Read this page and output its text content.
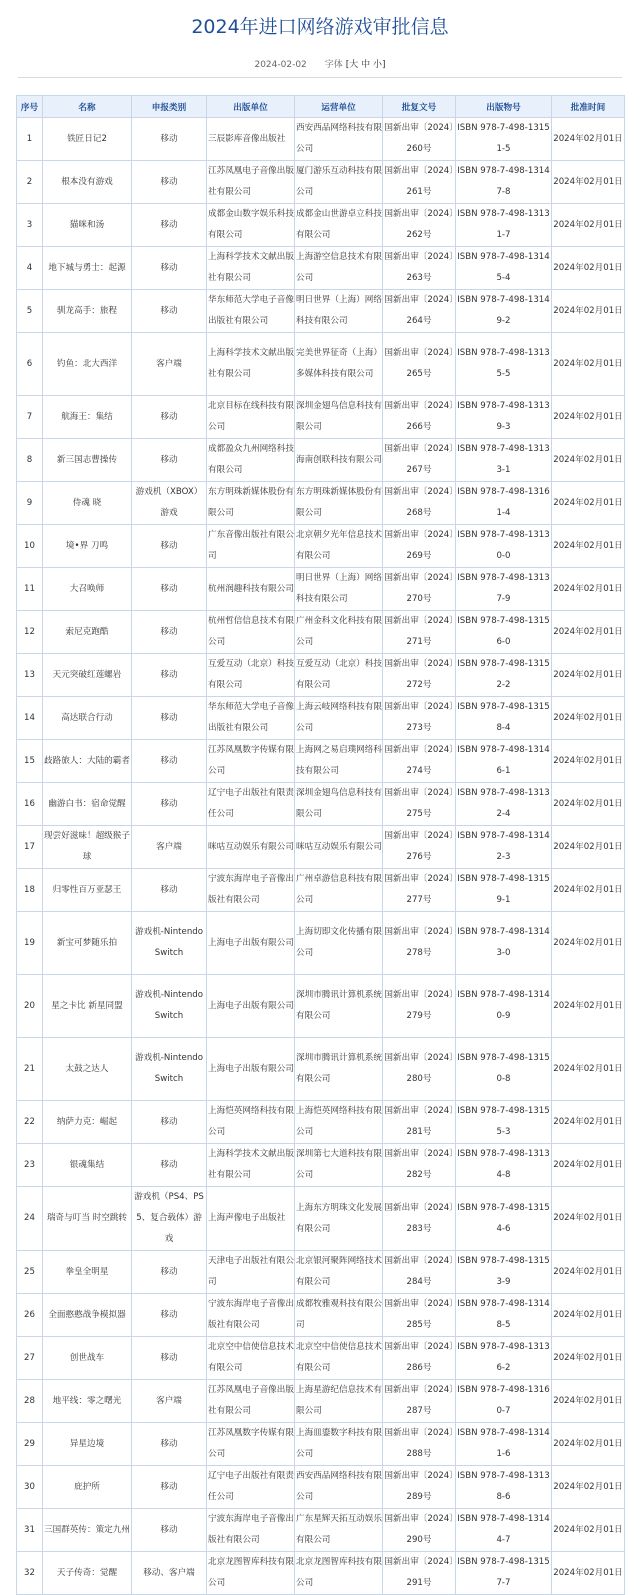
2024年进口网络游戏审批信息
2024-02-02 字体 [大 中 小]
序号	名称	申报类别	出版单位	运营单位	批复文号	出版物号	批准时间
1	铁匠日记2	移动	三辰影库音像出版社	西安西品网络科技有限公司	国新出审〔2024〕260号	ISBN 978-7-498-13151-5	2024年02月01日
2	根本没有游戏	移动	江苏凤凰电子音像出版社有限公司	厦门游乐互动科技有限公司	国新出审〔2024〕261号	ISBN 978-7-498-13147-8	2024年02月01日
3	猫咪和汤	移动	成都金山数字娱乐科技有限公司	成都金山世游卓立科技有限公司	国新出审〔2024〕262号	ISBN 978-7-498-13131-7	2024年02月01日
4	地下城与勇士：起源	移动	上海科学技术文献出版社有限公司	上海游空信息技术有限公司	国新出审〔2024〕263号	ISBN 978-7-498-13145-4	2024年02月01日
5	驯龙高手：旅程	移动	华东师范大学电子音像出版社有限公司	明日世界（上海）网络科技有限公司	国新出审〔2024〕264号	ISBN 978-7-498-13149-2	2024年02月01日
6	钓鱼：北大西洋	客户端	上海科学技术文献出版社有限公司	完美世界征奇（上海）多媒体科技有限公司	国新出审〔2024〕265号	ISBN 978-7-498-13135-5	2024年02月01日
7	航海王：集结	移动	北京目标在线科技有限公司	深圳金翅鸟信息科技有限公司	国新出审〔2024〕266号	ISBN 978-7-498-13139-3	2024年02月01日
8	新三国志曹操传	移动	成都盈众九州网络科技有限公司	海南创联科技有限公司	国新出审〔2024〕267号	ISBN 978-7-498-13133-1	2024年02月01日
9	侍魂 晓	游戏机（XBOX）游戏	东方明珠新媒体股份有限公司	东方明珠新媒体股份有限公司	国新出审〔2024〕268号	ISBN 978-7-498-13161-4	2024年02月01日
10	境•界 刀鸣	移动	广东音像出版社有限公司	北京朝夕光年信息技术有限公司	国新出审〔2024〕269号	ISBN 978-7-498-13130-0	2024年02月01日
11	大召唤师	移动	杭州润趣科技有限公司	明日世界（上海）网络科技有限公司	国新出审〔2024〕270号	ISBN 978-7-498-13137-9	2024年02月01日
12	索尼克跑酷	移动	杭州哲信信息技术有限公司	广州金科文化科技有限公司	国新出审〔2024〕271号	ISBN 978-7-498-13156-0	2024年02月01日
13	天元突破红莲螺岩	移动	互爱互动（北京）科技有限公司	互爱互动（北京）科技有限公司	国新出审〔2024〕272号	ISBN 978-7-498-13152-2	2024年02月01日
14	高达联合行动	移动	华东师范大学电子音像出版社有限公司	上海云岐网络科技有限公司	国新出审〔2024〕273号	ISBN 978-7-498-13158-4	2024年02月01日
15	歧路旅人：大陆的霸者	移动	江苏凤凰数字传媒有限公司	上海网之易启璞网络科技有限公司	国新出审〔2024〕274号	ISBN 978-7-498-13146-1	2024年02月01日
16	幽游白书：宿命觉醒	移动	辽宁电子出版社有限责任公司	深圳金翅鸟信息科技有限公司	国新出审〔2024〕275号	ISBN 978-7-498-13132-4	2024年02月01日
17	现尝好滋味！超级猴子球	客户端	咪咕互动娱乐有限公司	咪咕互动娱乐有限公司	国新出审〔2024〕276号	ISBN 978-7-498-13142-3	2024年02月01日
18	归零性百万亚瑟王	移动	宁波东海岸电子音像出版社有限公司	广州卓游信息科技有限公司	国新出审〔2024〕277号	ISBN 978-7-498-13159-1	2024年02月01日
19	新宝可梦随乐拍	游戏机-Nintendo Switch	上海电子出版有限公司	上海切即文化传播有限公司	国新出审〔2024〕278号	ISBN 978-7-498-13143-0	2024年02月01日
20	星之卡比 新星同盟	游戏机-Nintendo Switch	上海电子出版有限公司	深圳市腾讯计算机系统有限公司	国新出审〔2024〕279号	ISBN 978-7-498-13140-9	2024年02月01日
21	太鼓之达人	游戏机-Nintendo Switch	上海电子出版有限公司	深圳市腾讯计算机系统有限公司	国新出审〔2024〕280号	ISBN 978-7-498-13150-8	2024年02月01日
22	纳萨力克：崛起	移动	上海恺英网络科技有限公司	上海恺英网络科技有限公司	国新出审〔2024〕281号	ISBN 978-7-498-13155-3	2024年02月01日
23	银魂集结	移动	上海科学技术文献出版社有限公司	深圳第七大道科技有限公司	国新出审〔2024〕282号	ISBN 978-7-498-13134-8	2024年02月01日
24	瑞奇与叮当 时空跳转	游戏机（PS4、PS5、复合载体）游戏	上海声像电子出版社	上海东方明珠文化发展有限公司	国新出审〔2024〕283号	ISBN 978-7-498-13154-6	2024年02月01日
25	拳皇全明星	移动	天津电子出版社有限公司	北京银河聚阵网络技术有限公司	国新出审〔2024〕284号	ISBN 978-7-498-13153-9	2024年02月01日
26	全面憨憨战争模拟器	移动	宁波东海岸电子音像出版社有限公司	成都牧雅观科技有限公司	国新出审〔2024〕285号	ISBN 978-7-498-13148-5	2024年02月01日
27	创世战车	移动	北京空中信使信息技术有限公司	北京空中信使信息技术有限公司	国新出审〔2024〕286号	ISBN 978-7-498-13136-2	2024年02月01日
28	地平线：零之曙光	客户端	江苏凤凰电子音像出版社有限公司	上海星游纪信息技术有限公司	国新出审〔2024〕287号	ISBN 978-7-498-13160-7	2024年02月01日
29	异星边境	移动	江苏凤凰数字传媒有限公司	上海皿鎏数字科技有限公司	国新出审〔2024〕288号	ISBN 978-7-498-13141-6	2024年02月01日
30	庇护所	移动	辽宁电子出版社有限责任公司	西安西品网络科技有限公司	国新出审〔2024〕289号	ISBN 978-7-498-13138-6	2024年02月01日
31	三国群英传：策定九州	移动	宁波东海岸电子音像出版社有限公司	广东星辉天拓互动娱乐有限公司	国新出审〔2024〕290号	ISBN 978-7-498-13144-7	2024年02月01日
32	天子传奇：觉醒	移动、客户端	北京龙图智库科技有限公司	北京龙图智库科技有限公司	国新出审〔2024〕291号	ISBN 978-7-498-13157-7	2024年02月01日
